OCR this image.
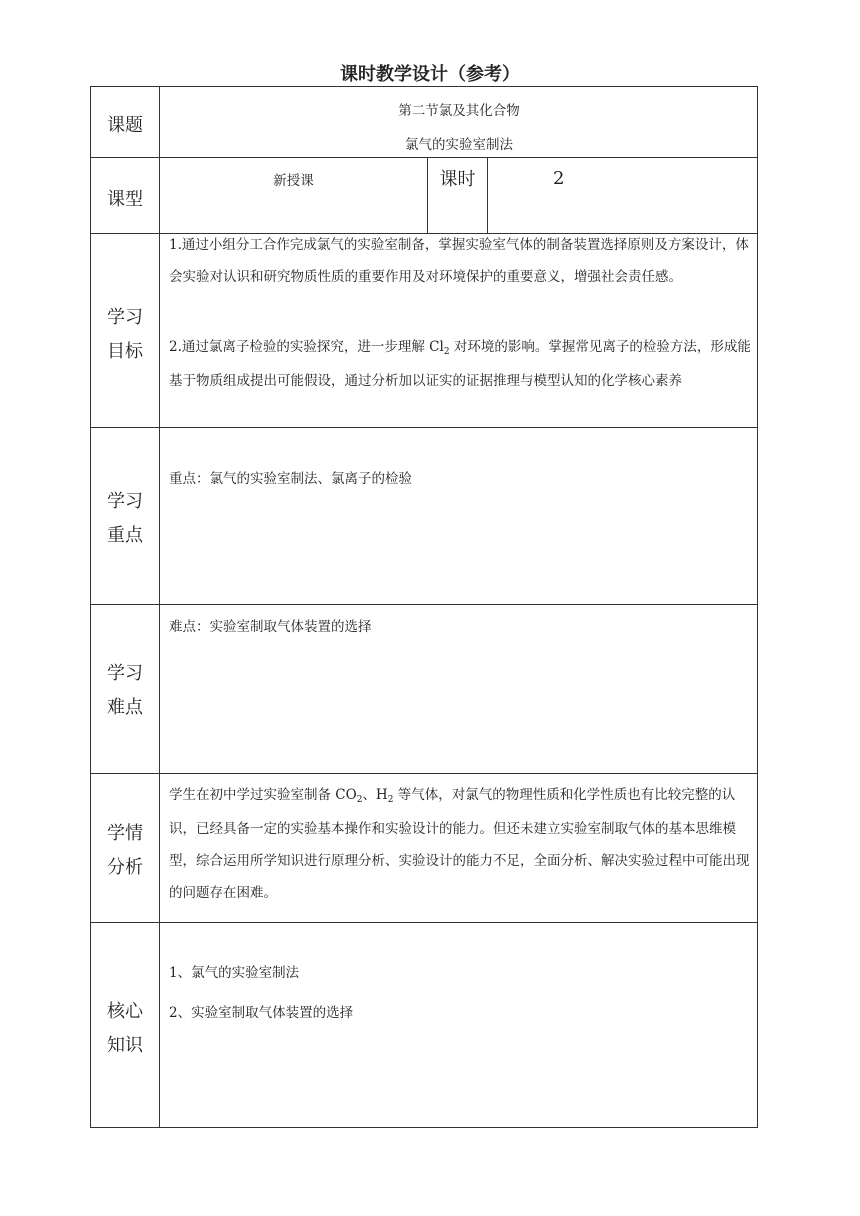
课时教学设计（参考）
课题
第二节氯及其化合物
氯气的实验室制法
课型
新授课	课时	2
学习
目标
1.通过小组分工合作完成氯气的实验室制备，掌握实验室气体的制备装置选择原则及方案设计，体会实验对认识和研究物质性质的重要作用及对环境保护的重要意义，增强社会责任感。
2.通过氯离子检验的实验探究，进一步理解 $Cl_2$ 对环境的影响。掌握常见离子的检验方法，形成能基于物质组成提出可能假设，通过分析加以证实的证据推理与模型认知的化学核心素养
学习
重点
重点：氯气的实验室制法、氯离子的检验
学习
难点
难点：实验室制取气体装置的选择
学情
分析
学生在初中学过实验室制备 $CO_2$、$H_2$ 等气体，对氯气的物理性质和化学性质也有比较完整的认识，已经具备一定的实验基本操作和实验设计的能力。但还未建立实验室制取气体的基本思维模型，综合运用所学知识进行原理分析、实验设计的能力不足，全面分析、解决实验过程中可能出现的问题存在困难。
核心
知识
1、氯气的实验室制法
2、实验室制取气体装置的选择
